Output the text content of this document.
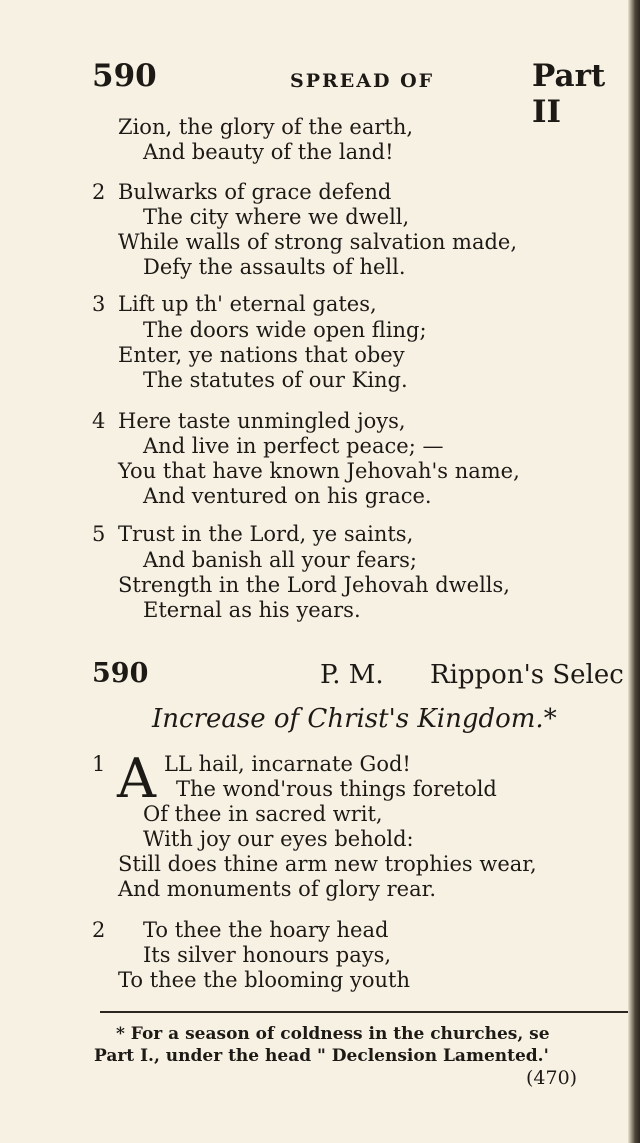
590	SPREAD OF	Part II
Zion, the glory of the earth,
And beauty of the land!
2 Bulwarks of grace defend
The city where we dwell,
While walls of strong salvation made,
Defy the assaults of hell.
3 Lift up th' eternal gates,
The doors wide open fling;
Enter, ye nations that obey
The statutes of our King.
4 Here taste unmingled joys,
And live in perfect peace; —
You that have known Jehovah's name,
And ventured on his grace.
5 Trust in the Lord, ye saints,
And banish all your fears;
Strength in the Lord Jehovah dwells,
Eternal as his years.
590	P. M. Rippon's Selec
Increase of Christ's Kingdom.*
1 A LL hail, incarnate God!
The wond'rous things foretold
Of thee in sacred writ,
With joy our eyes behold:
Still does thine arm new trophies wear,
And monuments of glory rear.
2 To thee the hoary head
Its silver honours pays,
To thee the blooming youth
* For a season of coldness in the churches, se
Part I., under the head " Declension Lamented.'
(470)
